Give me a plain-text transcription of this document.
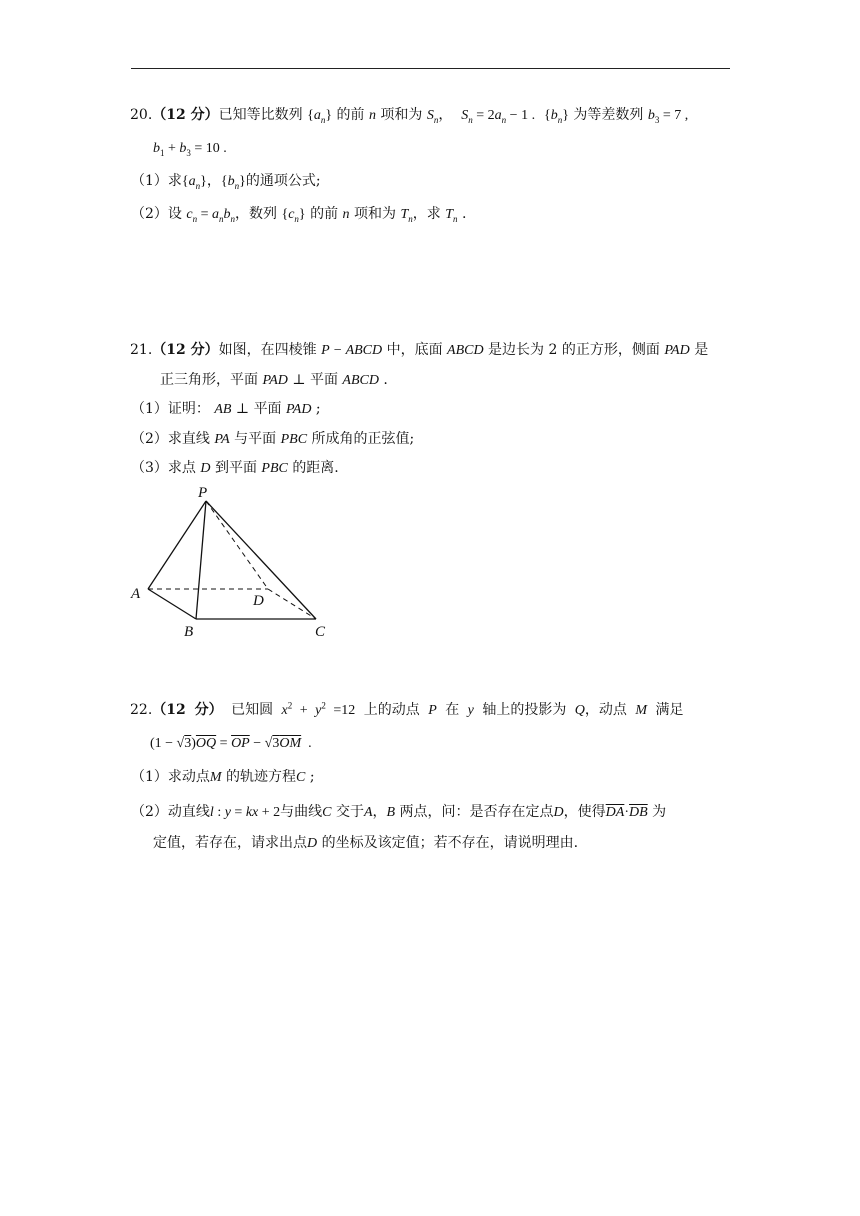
20.（12 分）已知等比数列 $\{a_n\}$ 的前 n 项和为 $S_n$，  $S_n = 2a_n - 1$ . $\{b_n\}$ 为等差数列 $b_3 = 7$ ,
$b_1 + b_3 = 10$ .
（1）求$\{a_n\}$，$\{b_n\}$的通项公式;
（2）设 $c_n = a_nb_n$，数列 $\{c_n\}$ 的前 n 项和为 $T_n$，求 $T_n$ .
21.（12 分）如图，在四棱锥 P − ABCD 中，底面 ABCD 是边长为 2 的正方形，侧面 PAD 是
正三角形，平面 PAD ⊥ 平面 ABCD .
（1）证明： AB ⊥ 平面 PAD ;
（2）求直线 PA 与平面 PBC 所成角的正弦值;
（3）求点 D 到平面 PBC 的距离.
P
A
B	C
D
22.（12 分） 已知圆 $x^2 + y^2 =12$ 上的动点 P 在 y 轴上的投影为 Q，动点 M 满足
$(1 - √3)\overline{OQ} = \overline{OP} - √3\overline{OM}$  .
（1）求动点M 的轨迹方程C ;
（2）动直线l : y = kx + 2与曲线C 交于A，B 两点，问：是否存在定点D，使得$\overline{DA}\cdot\overline{DB}$ 为
定值，若存在，请求出点D 的坐标及该定值；若不存在，请说明理由.
